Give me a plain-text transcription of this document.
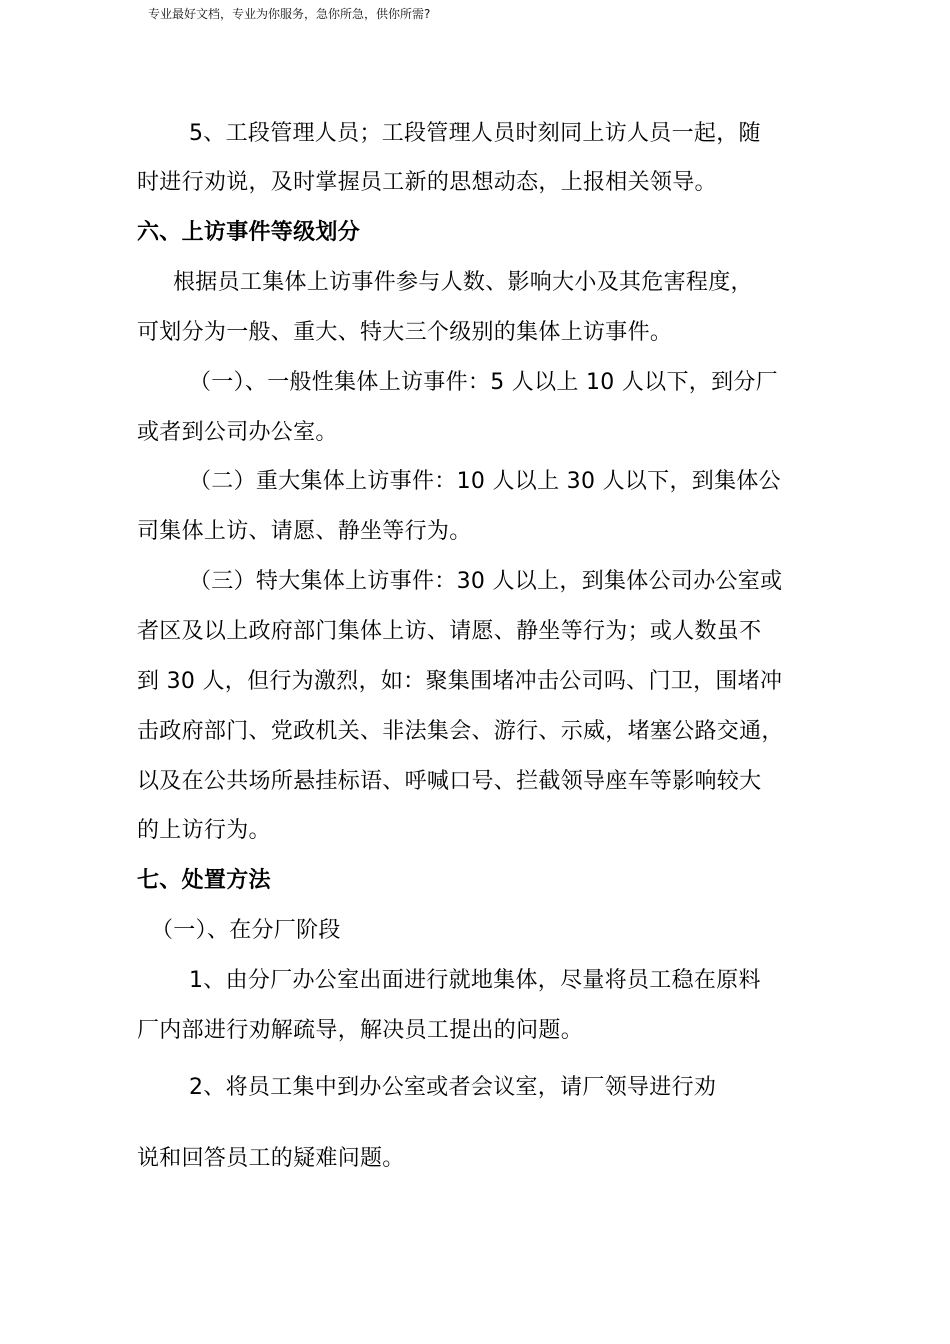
专业最好文档，专业为你服务，急你所急，供你所需?
5、工段管理人员；工段管理人员时刻同上访人员一起，随
时进行劝说，及时掌握员工新的思想动态，上报相关领导。
六、上访事件等级划分
根据员工集体上访事件参与人数、影响大小及其危害程度，
可划分为一般、重大、特大三个级别的集体上访事件。
（一）、一般性集体上访事件：5 人以上 10 人以下，到分厂
或者到公司办公室。
（二）重大集体上访事件：10 人以上 30 人以下，到集体公
司集体上访、请愿、静坐等行为。
（三）特大集体上访事件：30 人以上，到集体公司办公室或
者区及以上政府部门集体上访、请愿、静坐等行为；或人数虽不
到 30 人，但行为激烈，如：聚集围堵冲击公司吗、门卫，围堵冲
击政府部门、党政机关、非法集会、游行、示威，堵塞公路交通，
以及在公共场所悬挂标语、呼喊口号、拦截领导座车等影响较大
的上访行为。
七、处置方法
（一）、在分厂阶段
1、由分厂办公室出面进行就地集体，尽量将员工稳在原料
厂内部进行劝解疏导，解决员工提出的问题。
2、将员工集中到办公室或者会议室，请厂领导进行劝
说和回答员工的疑难问题。
